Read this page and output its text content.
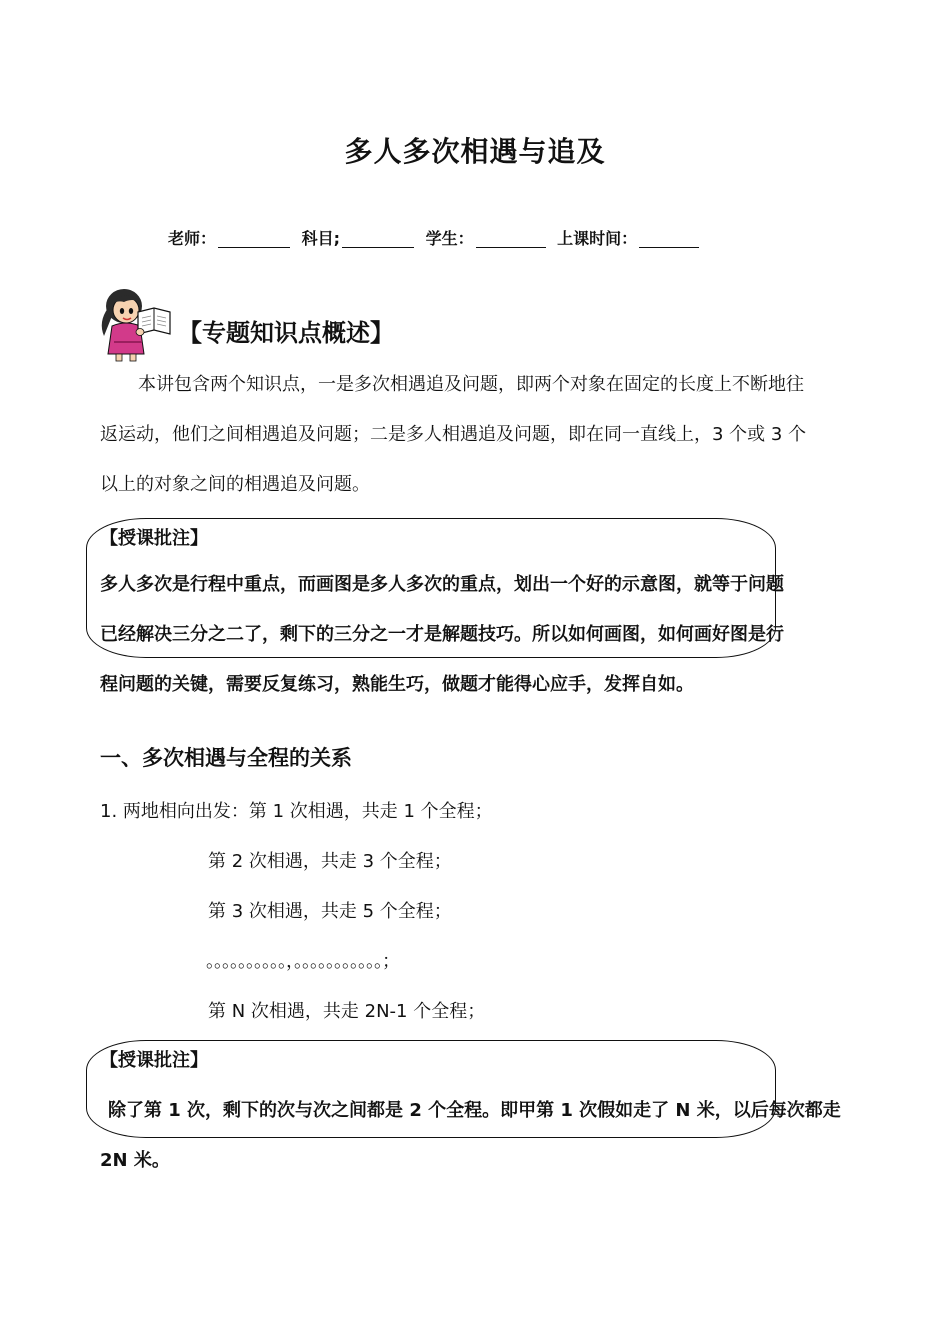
多人多次相遇与追及
老师：	科目;	学生：	上课时间：
【专题知识点概述】
本讲包含两个知识点，一是多次相遇追及问题，即两个对象在固定的长度上不断地往
返运动，他们之间相遇追及问题；二是多人相遇追及问题，即在同一直线上，3 个或 3 个
以上的对象之间的相遇追及问题。
【授课批注】
多人多次是行程中重点，而画图是多人多次的重点，划出一个好的示意图，就等于问题
已经解决三分之二了，剩下的三分之一才是解题技巧。所以如何画图，如何画好图是行
程问题的关键，需要反复练习，熟能生巧，做题才能得心应手，发挥自如。
一、多次相遇与全程的关系
1. 两地相向出发：第 1 次相遇，共走 1 个全程；
第 2 次相遇，共走 3 个全程；
第 3 次相遇，共走 5 个全程；
。。。。。。。。。。，。。。。。。。。。。。；
第 N 次相遇，共走 2N-1 个全程；
【授课批注】
除了第 1 次，剩下的次与次之间都是 2 个全程。即甲第 1 次假如走了 N 米，以后每次都走
2N 米。
